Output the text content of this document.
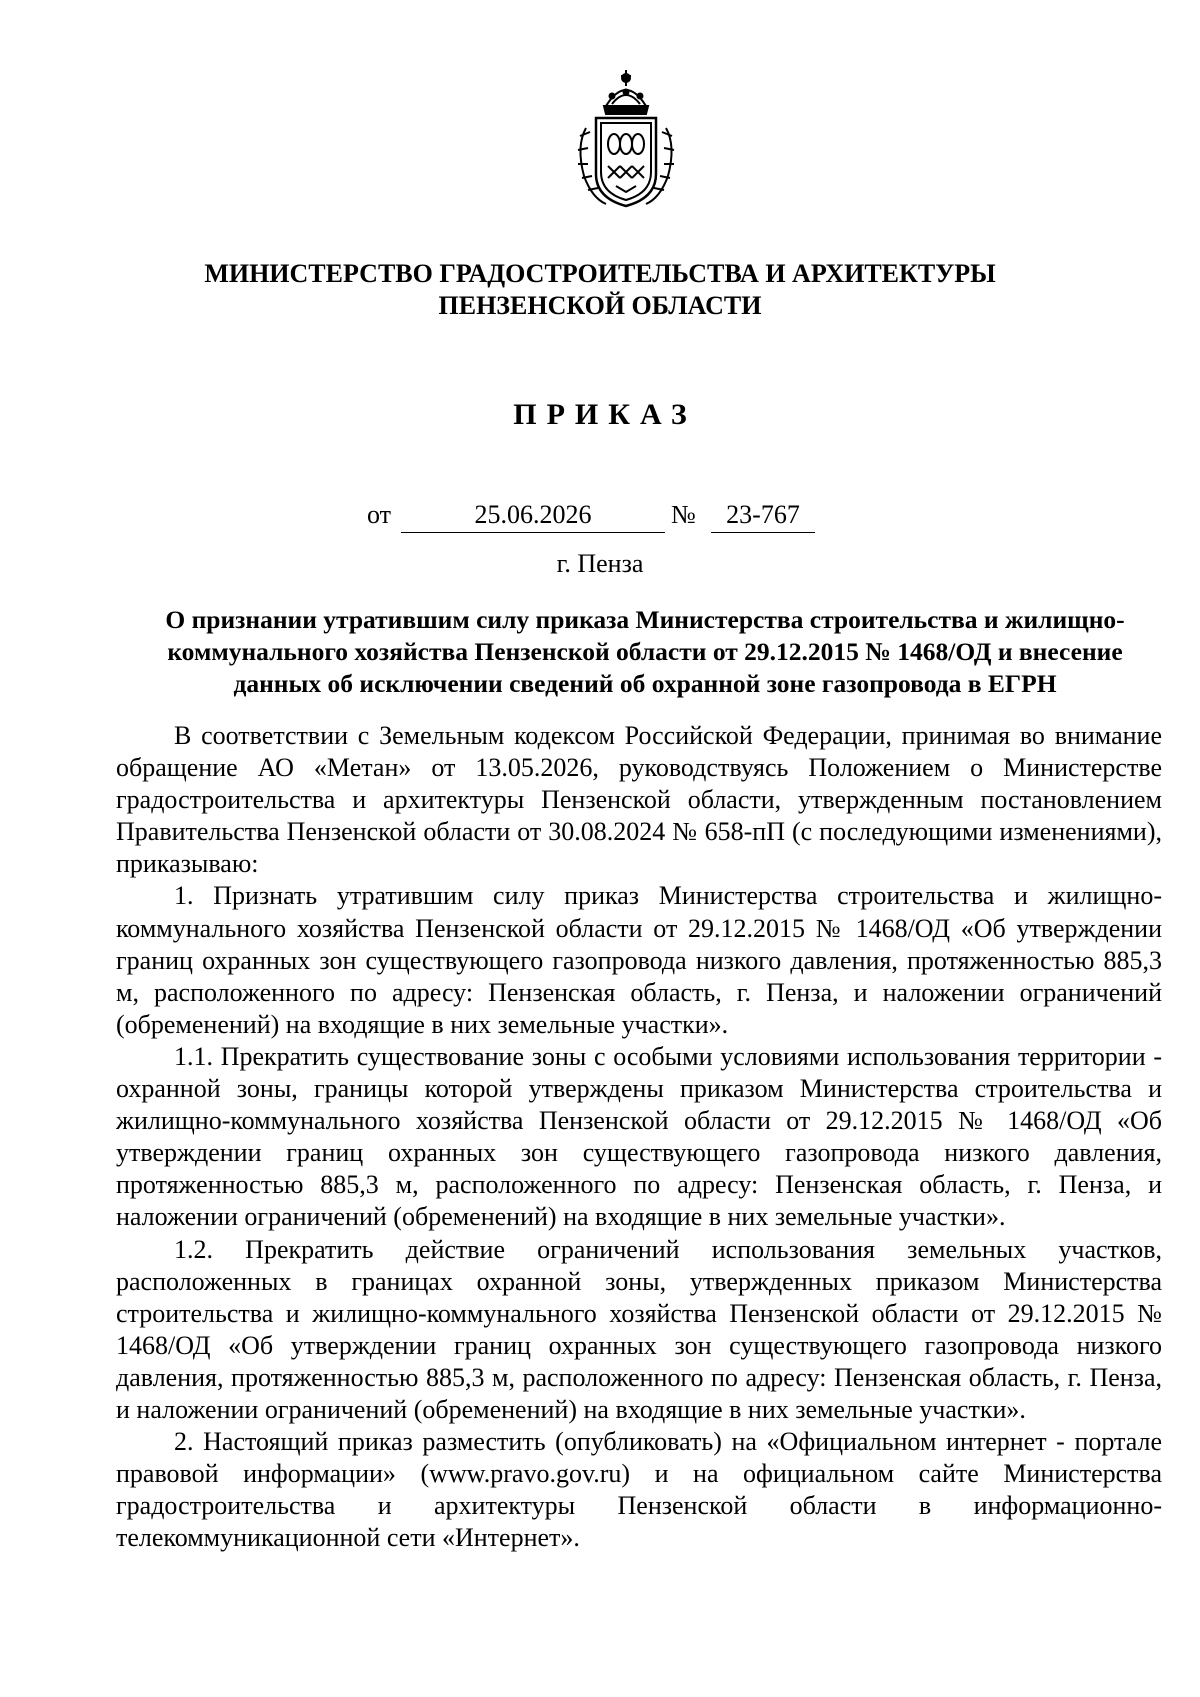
МИНИСТЕРСТВО ГРАДОСТРОИТЕЛЬСТВА И АРХИТЕКТУРЫ
ПЕНЗЕНСКОЙ ОБЛАСТИ
ПРИКАЗ
от	25.06.2026	№	23-767
г. Пенза
О признании утратившим силу приказа Министерства строительства и жилищно-
коммунального хозяйства Пензенской области от 29.12.2015 № 1468/ОД и внесение
данных об исключении сведений об охранной зоне газопровода в ЕГРН

В соответствии с Земельным кодексом Российской Федерации, принимая во внимание обращение АО «Метан» от 13.05.2026, руководствуясь Положением о Министерстве градостроительства и архитектуры Пензенской области, утвержденным постановлением Правительства Пензенской области от 30.08.2024 № 658-пП (с последующими изменениями), приказываю:

1. Признать утратившим силу приказ Министерства строительства и жилищно-коммунального хозяйства Пензенской области от 29.12.2015 № 1468/ОД «Об утверждении границ охранных зон существующего газопровода низкого давления, протяженностью 885,3 м, расположенного по адресу: Пензенская область, г. Пенза, и наложении ограничений (обременений) на входящие в них земельные участки».

1.1. Прекратить существование зоны с особыми условиями использования территории - охранной зоны, границы которой утверждены приказом Министерства строительства и жилищно-коммунального хозяйства Пензенской области от 29.12.2015 № 1468/ОД «Об утверждении границ охранных зон существующего газопровода низкого давления, протяженностью 885,3 м, расположенного по адресу: Пензенская область, г. Пенза, и наложении ограничений (обременений) на входящие в них земельные участки».

1.2. Прекратить действие ограничений использования земельных участков, расположенных в границах охранной зоны, утвержденных приказом Министерства строительства и жилищно-коммунального хозяйства Пензенской области от 29.12.2015 № 1468/ОД «Об утверждении границ охранных зон существующего газопровода низкого давления, протяженностью 885,3 м, расположенного по адресу: Пензенская область, г. Пенза, и наложении ограничений (обременений) на входящие в них земельные участки».

2. Настоящий приказ разместить (опубликовать) на «Официальном интернет - портале правовой информации» (www.pravo.gov.ru) и на официальном сайте Министерства градостроительства и архитектуры Пензенской области в информационно-телекоммуникационной сети «Интернет».
